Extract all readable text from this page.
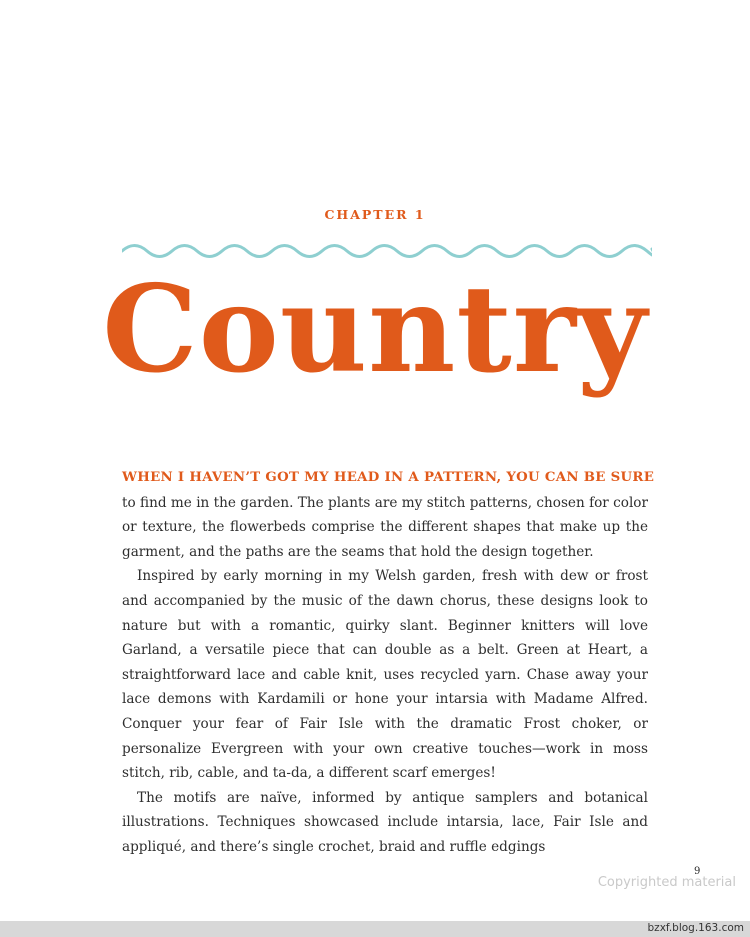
CHAPTER 1
Country

WHEN I HAVEN’T GOT MY HEAD IN A PATTERN, YOU CAN BE SURE
to find me in the garden. The plants are my stitch patterns, chosen for color or texture, the flowerbeds comprise the different shapes that make up the garment, and the paths are the seams that hold the design together.

Inspired by early morning in my Welsh garden, fresh with dew or frost and accompanied by the music of the dawn chorus, these designs look to nature but with a romantic, quirky slant. Beginner knitters will love Garland, a versatile piece that can double as a belt. Green at Heart, a straightforward lace and cable knit, uses recycled yarn. Chase away your lace demons with Kardamili or hone your intarsia with Madame Alfred. Conquer your fear of Fair Isle with the dramatic Frost choker, or personalize Evergreen with your own creative touches—work in moss stitch, rib, cable, and ta-da, a different scarf emerges!

The motifs are naïve, informed by antique samplers and botanical illustrations. Techniques showcased include intarsia, lace, Fair Isle and appliqué, and there’s single crochet, braid and ruffle edgings

9
Copyrighted material
bzxf.blog.163.com
